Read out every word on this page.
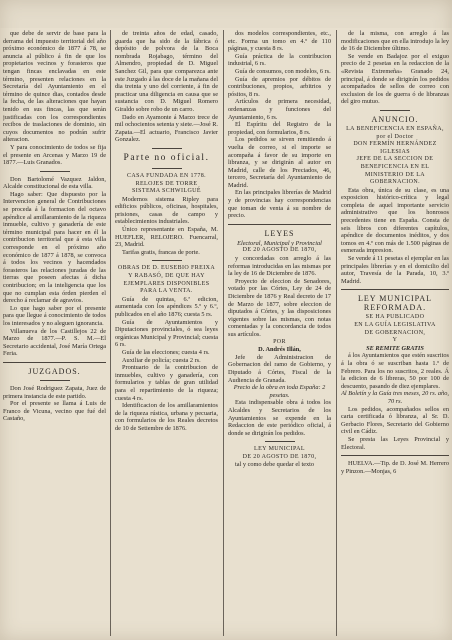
que debe de servir de base para la derrama del impuesto territorial del año próximo económico de 1877 á 78, se anuncia al público á fin de que los propietarios vecinos y forasteros que tengan fincas enclavadas en este término, presenten relaciones en la Secretaría del Ayuntamiento en el término de quince dias, contados desde la fecha, de las alteraciones que hayan tenido en sus fincas, las que serán justificadas con los correspondientes recibos de traslaciones de dominio, sin cuyos documentos no podrán sufrir alteracion.

Y para conocimiento de todos se fija el presente en Arcenas y Marzo 19 de 1877.—Luis Granados.

Don Bartolomé Vazquez Jaldon, Alcalde constitucional de esta villa.

Hago saber: Que dispuesto por la Intervencion general de Contribuciones se proceda á la formacion del octavo apéndice al amillaramiento de la riqueza inmueble, cultivo y ganadería de este término municipal para hacer en él la contribucion territorial que á esta villa corresponde en el próximo año económico de 1877 á 1878, se convoca á todos los vecinos y hacendados forasteros las relaciones juradas de las tierras que poseen afectas á dicha contribucion; en la inteligencia que los que no cumplan esta órden pierden el derecho á reclamar de agravios.

Lo que hago saber por el presente para que llegue á conocimiento de todos los interesados y no aleguen ignorancia.

Villanueva de los Castillejos 22 de Marzo de 1877.—P. S. M.—El Secretario accidental, José María Ortega Feria.

JUZGADOS.

Don José Rodriguez Zapata, Juez de primera instancia de este partido.

Por el presente se llama á Luis de Franco de Vicuna, vecino que fué del Castaño,

de treinta años de edad, casado, guarda que ha sido de la fábrica ó depósito de polvora de la Boca nombrada Rojabago, término del Almendro, propiedad de D. Miguel Sanchez Gil, para que comparezca ante este Juzgado á las doce de la mañana del dia treinta y uno del corriente, á fin de practicar una diligencia en causa que se sustancia con D. Miguel Romero Giraldo sobre robo de un carro.

Dado en Ayamonte á Marzo trece de mil ochocientos setenta y siete.—José R. Zapata.—El actuario, Francisco Javier Gonzalez.

Parte no oficial.

CASA FUNDADA EN 1778.

RELOJES DE TORRE

SISTEMA SCHWILGUÉ

Modernos sistema Ripley para edificios públicos, oficinas, hospitales, prisiones, casas de campo y establecimientos industriales.

Único representante en España, M. HUEFLER, RELOJERO. Fuencarral, 23, Madrid.

Tarifas gratis, francas de porte.

OBRAS DE D. EUSEBIO FREIXA Y RABASÓ, DE QUE HAY EJEMPLARES DISPONIBLES PARA LA VENTA.

Guía de quintas, 6.ª edicion, aumentada con los apéndices 5.º y 6.º, publicados en el año 1876; cuesta 5 rs.

Guía de Ayuntamientos y Diputaciones provinciales, ó sea leyes orgánicas Municipal y Provincial; cuesta 6 rs.

Guía de las elecciones; cuesta 4 rs.

Auxiliar de policía; cuesta 2 rs.

Prontuario de la contribucion de inmuebles, cultivo y ganadería, con formularios y tablas de gran utilidad para el repartimiento de la riqueza; cuesta 4 rs.

Identificacion de los amillaramientos de la riqueza rústica, urbana y pecuaria, con formularios de los Reales decretos de 10 de Setiembre de 1876.

dos modelos correspondientes, etc., etc. Forma un tomo en 4.º de 110 páginas, y cuesta 8 rs.

Guía práctica de la contribucion industrial, 6 rs.

Guía de consumos, con modelos, 6 rs.

Guía de apremios por débitos de contribuciones, propios, arbitrios y pósitos, 8 rs.

Artículos de primera necesidad, ordenanzas y funciones del Ayuntamiento, 6 rs.

El Espíritu del Registro de la propiedad, con formularios, 8 rs.

Los pedidos se sirven remitiendo á vuelta de correo, si el importe se acompaña á favor de su importe en libranza, y se dirigirán al autor en Madrid, calle de los Preciados, 46, tercero, Secretaría del Ayuntamiento de Madrid.

En las principales librerías de Madrid y de provincias hay correspondencias que toman de venta á su nombre de precio.

LEYES

Electoral, Municipal y Provincial

DE 20 AGOSTO DE 1870,

y concordadas con arreglo á las reformas introducidas en las mismas por la ley de 16 de Diciembre de 1876.

Proyecto de eleccion de Senadores, votado por las Córtes, Ley de 24 de Diciembre de 1876 y Real decreto de 17 de Marzo de 1877, sobre eleccion de diputados á Córtes, y las disposiciones vigentes sobre las mismas, con notas comentadas y la concordancia de todos sus artículos.

POR

D. Andrés Illán,

Jefe de Administracion de Gobernacion del ramo de Gobierno, y Diputado á Córtes, Fiscal de la Audiencia de Granada.

Precio de la obra en toda España: 2 pesetas.

Esta indispensable obra á todos los Alcaldes y Secretarios de los Ayuntamientos se expende en la Redaccion de este periódico oficial, á donde se dirigirán los pedidos.

LEY MUNICIPAL

DE 20 AGOSTO DE 1870,

tal y como debe quedar el texto

de la misma, con arreglo á las modificaciones que en ella introdujo la ley de 16 de Diciembre último.

Se vende en Badajoz por el exiguo precio de 2 pesetas en la redaccion de la «Revista Extremeña» Granado 24, principal, á donde se dirigirán los pedidos acompañados de sellos de correo con exclusion de los de guerra ó de libranzas del giro mutuo.

ANUNCIO.

LA BENEFICENCIA EN ESPAÑA, por el Doctor

DON FERMÍN HERNÁNDEZ IGLESIAS

JEFE DE LA SECCION DE BENEFICENCIA EN EL MINISTERIO DE LA GOBERNACION.

Esta obra, única de su clase, es una exposicion histórico-crítica y legal completa de aquel importante servicio administrativo que los honrosos precedentes tiene en España. Consta de seis libros con diferentes capítulos, apéndice de documentos inéditos, y dos tomos en 4.º con más de 1.500 páginas de esmerada impresion.

Se vende á 11 pesetas el ejemplar en las principales librerías y en el domicilio del autor, Travesía de la Parada, 10, 3.º Madrid.

LEY MUNICIPAL REFORMADA.

SE HA PUBLICADO

EN LA GUÍA LEGISLATIVA

DE GOBERNACION,

Y

SE REMITE GRATIS

á los Ayuntamientos que estén suscritos á la obra ó se suscriban hasta 1.º de Febrero. Para los no suscritos, 2 reales. Á la edicion de 6 libreras, 50 por 100 de descuento, pasando de diez ejemplares.

Al Boletín y la Guía tres meses, 20 rs. año, 70 rs.

Los pedidos, acompañados sellos en carta certificada ó libranza, al Sr. D. Gerbacio Flores, Secretario del Gobierno civil en Cádiz.

Se presta las Leyes Provincial y Electoral.

HUELVA.—Tip. de D. José M. Herrero y Pinzon.—Monjas, 6
